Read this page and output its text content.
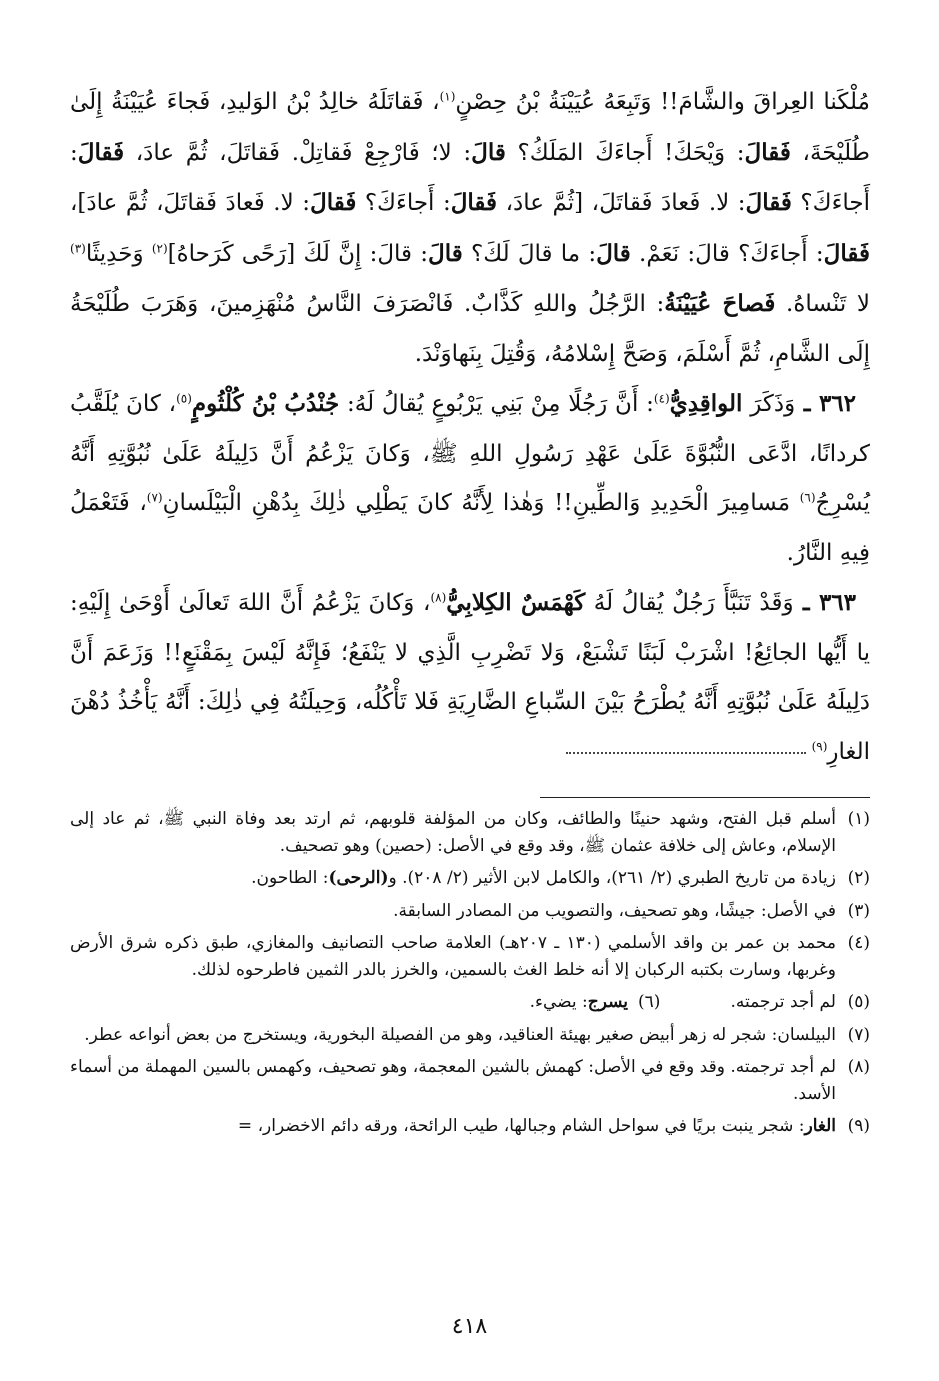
مُلْكَنا العِراقَ والشَّامَ!! وَتَبِعَهُ عُيَيْنَةُ بْنُ حِصْنٍ$^{(١)}$، فَقاتَلَهُ خالِدُ بْنُ الوَليدِ، فَجاءَ عُيَيْنَةُ إِلَىٰ طُلَيْحَةَ، فَقالَ: وَيْحَكَ! أَجاءَكَ المَلَكُ؟ قالَ: لا؛ فَارْجِعْ فَقاتِلْ. فَقاتَلَ، ثُمَّ عادَ، فَقالَ: أَجاءَكَ؟ فَقالَ: لا. فَعادَ فَقاتَلَ، [ثُمَّ عادَ، فَقالَ: أَجاءَكَ؟ فَقالَ: لا. فَعادَ فَقاتَلَ، ثُمَّ عادَ]، فَقالَ: أَجاءَكَ؟ قالَ: نَعَمْ. قالَ: ما قالَ لَكَ؟ قالَ: قالَ: إِنَّ لَكَ [رَحًى كَرَحاهُ]$^{(٢)}$ وَحَدِيثًا$^{(٣)}$ لا تَنْساهُ. فَصاحَ عُيَيْنَةُ: الرَّجُلُ واللهِ كَذَّابٌ. فَانْصَرَفَ النَّاسُ مُنْهَزِمينَ، وَهَرَبَ طُلَيْحَةُ إِلَى الشَّامِ، ثُمَّ أَسْلَمَ، وَصَحَّ إِسْلامُهُ، وَقُتِلَ بِنَهاوَنْدَ.

٣٦٢ ـ وَذَكَرَ الواقِدِيُّ$^{(٤)}$: أَنَّ رَجُلًا مِنْ بَنِي يَرْبُوعٍ يُقالُ لَهُ: جُنْدُبُ بْنُ كُلْثُومٍ$^{(٥)}$، كانَ يُلَقَّبُ كردانًا، ادَّعَى النُّبُوَّةَ عَلَىٰ عَهْدِ رَسُولِ اللهِ ﷺ، وَكانَ يَزْعُمُ أَنَّ دَلِيلَهُ عَلَىٰ نُبُوَّتِهِ أَنَّهُ يُسْرِجُ$^{(٦)}$ مَسامِيرَ الْحَدِيدِ وَالطِّينِ!! وَهٰذا لِأَنَّهُ كانَ يَطْلِي ذٰلِكَ بِدُهْنِ الْبَيْلَسانِ$^{(٧)}$، فَتَعْمَلُ فِيهِ النَّارُ.

٣٦٣ ـ وَقَدْ تَنَبَّأَ رَجُلٌ يُقالُ لَهُ كَهْمَسٌ الكِلابِيُّ$^{(٨)}$، وَكانَ يَزْعُمُ أَنَّ اللهَ تَعالَىٰ أَوْحَىٰ إِلَيْهِ: يا أَيُّها الجائِعُ! اشْرَبْ لَبَنًا تَشْبَعْ، وَلا تَضْرِبِ الَّذِي لا يَنْفَعُ؛ فَإِنَّهُ لَيْسَ بِمَقْنَعٍ!! وَزَعَمَ أَنَّ دَلِيلَهُ عَلَىٰ نُبُوَّتِهِ أَنَّهُ يُطْرَحُ بَيْنَ السِّباعِ الضَّارِيَةِ فَلا تَأْكُلُه، وَحِيلَتُهُ فِي ذٰلِكَ: أَنَّهُ يَأْخُذُ دُهْنَ الغارِ$^{(٩)}$

(١)
أسلم قبل الفتح، وشهد حنينًا والطائف، وكان من المؤلفة قلوبهم، ثم ارتد بعد وفاة النبي ﷺ، ثم عاد إلى الإسلام، وعاش إلى خلافة عثمان ﷺ، وقد وقع في الأصل: (حصين) وهو تصحيف.
(٢)
زيادة من تاريخ الطبري (٢/ ٢٦١)، والكامل لابن الأثير (٢/ ٢٠٨). و(الرحى): الطاحون.
(٣)
في الأصل: جيشًا، وهو تصحيف، والتصويب من المصادر السابقة.
(٤)
محمد بن عمر بن واقد الأسلمي (١٣٠ ـ ٢٠٧هـ) العلامة صاحب التصانيف والمغازي، طبق ذكره شرق الأرض وغربها، وسارت بكتبه الركبان إلا أنه خلط الغث بالسمين، والخرز بالدر الثمين فاطرحوه لذلك.
(٥)
لم أجد ترجمته.
(٦)
يسرج
: يضيء.
(٧)
البيلسان: شجر له زهر أبيض صغير بهيئة العناقيد، وهو من الفصيلة البخورية، ويستخرج من بعض أنواعه عطر.
(٨)
لم أجد ترجمته. وقد وقع في الأصل: كهمش بالشين المعجمة، وهو تصحيف، وكهمس بالسين المهملة من أسماء الأسد.
(٩)
الغار: شجر ينبت بريًا في سواحل الشام وجبالها، طيب الرائحة، ورقه دائم الاخضرار، =
٤١٨
